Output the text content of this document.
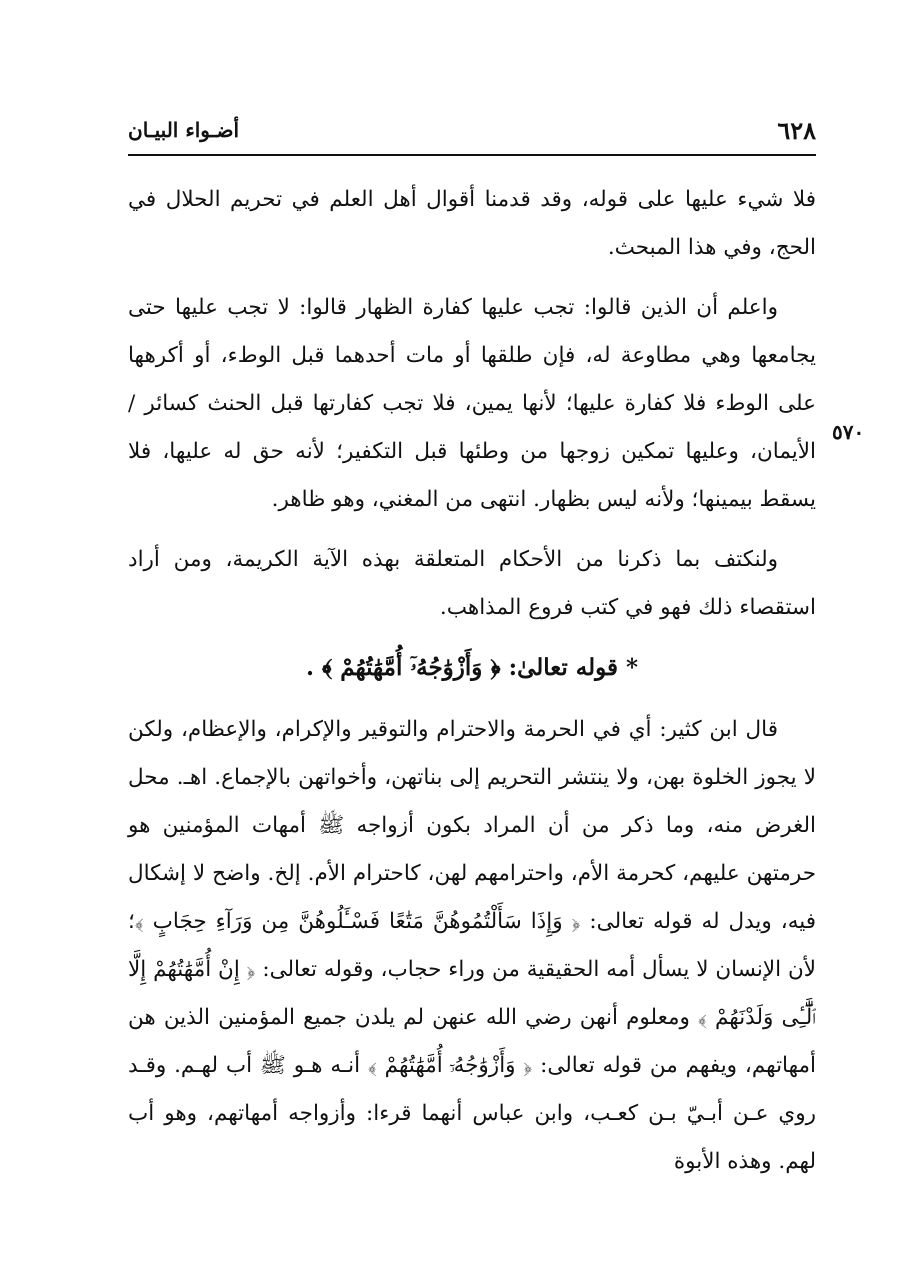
٦٢٨
أضـواء البيـان
٥٧٠

فلا شيء عليها على قوله، وقد قدمنا أقوال أهل العلم في تحريم الحلال في الحج، وفي هذا المبحث.

واعلم أن الذين قالوا: تجب عليها كفارة الظهار قالوا: لا تجب عليها حتى يجامعها وهي مطاوعة له، فإن طلقها أو مات أحدهما قبل الوطء، أو أكرهها على الوطء فلا كفارة عليها؛ لأنها يمين، فلا تجب كفارتها قبل الحنث كسائر / الأيمان، وعليها تمكين زوجها من وطئها قبل التكفير؛ لأنه حق له عليها، فلا يسقط بيمينها؛ ولأنه ليس بظهار. انتهى من المغني، وهو ظاهر.

ولنكتف بما ذكرنا من الأحكام المتعلقة بهذه الآية الكريمة، ومن أراد استقصاء ذلك فهو في كتب فروع المذاهب.

* قوله تعالىٰ: ﴿ وَأَزْوَٰجُهُۥٓ أُمَّهَٰتُهُمْ ﴾ .

قال ابن كثير: أي في الحرمة والاحترام والتوقير والإكرام، والإعظام، ولكن لا يجوز الخلوة بهن، ولا ينتشر التحريم إلى بناتهن، وأخواتهن بالإجماع. اهـ. محل الغرض منه، وما ذكر من أن المراد بكون أزواجه ﷺ أمهات المؤمنين هو حرمتهن عليهم، كحرمة الأم، واحترامهم لهن، كاحترام الأم. إلخ. واضح لا إشكال فيه، ويدل له قوله تعالى: ﴿ وَإِذَا سَأَلْتُمُوهُنَّ مَتَٰعًا فَسْـَٔلُوهُنَّ مِن وَرَآءِ حِجَابٍ ﴾؛ لأن الإنسان لا يسأل أمه الحقيقية من وراء حجاب، وقوله تعالى: ﴿ إِنْ أُمَّهَٰتُهُمْ إِلَّا ٱلَّٰٓـِٔى وَلَدْنَهُمْ ﴾ ومعلوم أنهن رضي الله عنهن لم يلدن جميع المؤمنين الذين هن أمهاتهم، ويفهم من قوله تعالى: ﴿ وَأَزْوَٰجُهُۥٓ أُمَّهَٰتُهُمْ ﴾ أنـه هـو ﷺ أب لهـم. وقـد روي عـن أبـيّ بـن كعـب، وابن عباس أنهما قرءا: وأزواجه أمهاتهم، وهو أب لهم. وهذه الأبوة
